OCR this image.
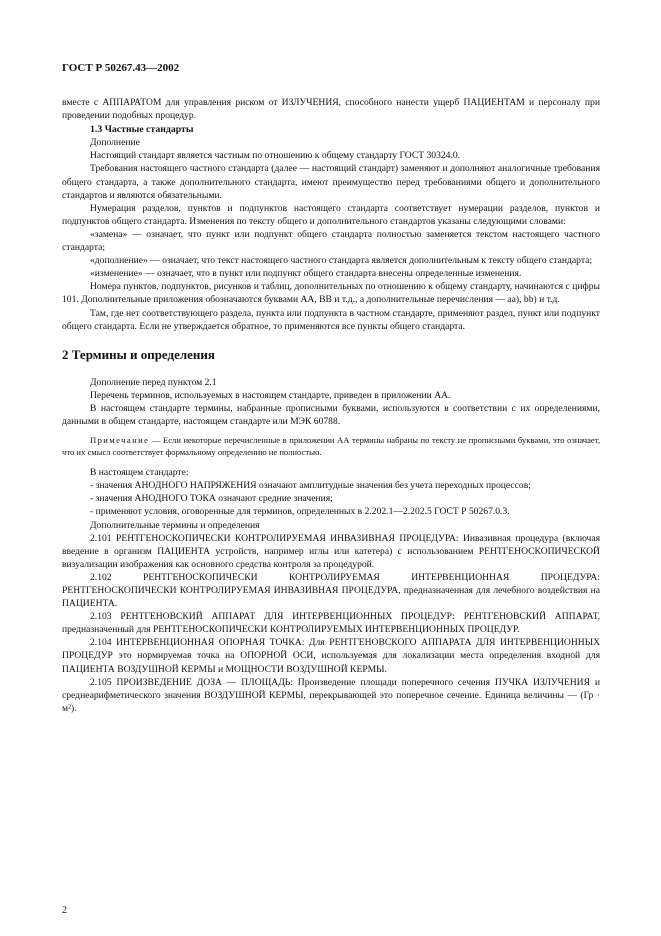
ГОСТ Р 50267.43—2002

вместе с АППАРАТОМ для управления риском от ИЗЛУЧЕНИЯ, способного нанести ущерб ПАЦИЕНТАМ и персоналу при проведении подобных процедур.

1.3 Частные стандарты

Дополнение

Настоящий стандарт является частным по отношению к общему стандарту ГОСТ 30324.0.

Требования настоящего частного стандарта (далее — настоящий стандарт) заменяют и дополняют аналогичные требования общего стандарта, а также дополнительного стандарта, имеют преимущество перед требованиями общего и дополнительного стандартов и являются обязательными.

Нумерация разделов, пунктов и подпунктов настоящего стандарта соответствует нумерации разделов, пунктов и подпунктов общего стандарта. Изменения по тексту общего и дополнительного стандартов указаны следующими словами:

«замена» — означает, что пункт или подпункт общего стандарта полностью заменяется текстом настоящего частного стандарта;

«дополнение» — означает, что текст настоящего частного стандарта является дополнительным к тексту общего стандарта;

«изменение» — означает, что в пункт или подпункт общего стандарта внесены определенные изменения.

Номера пунктов, подпунктов, рисунков и таблиц, дополнительных по отношению к общему стандарту, начинаются с цифры 101. Дополнительные приложения обозначаются буквами АА, ВВ и т.д., а дополнительные перечисления — аа), bb) и т.д.

Там, где нет соответствующего раздела, пункта или подпункта в частном стандарте, применяют раздел, пункт или подпункт общего стандарта. Если не утверждается обратное, то применяются все пункты общего стандарта.

2 Термины и определения

Дополнение перед пунктом 2.1

Перечень терминов, используемых в настоящем стандарте, приведен в приложении АА.

В настоящем стандарте термины, набранные прописными буквами, используются в соответствии с их определениями, данными в общем стандарте, настоящем стандарте или МЭК 60788.

Примечание — Если некоторые перечисленные в приложении АА термины набраны по тексту не прописными буквами, это означает, что их смысл соответствует формальному определению не полностью.

В настоящем стандарте:

- значения АНОДНОГО НАПРЯЖЕНИЯ означают амплитудные значения без учета переходных процессов;

- значения АНОДНОГО ТОКА означают средние значения;

- применяют условия, оговоренные для терминов, определенных в 2.202.1—2.202.5 ГОСТ Р 50267.0.3.

Дополнительные термины и определения

2.101 РЕНТГЕНОСКОПИЧЕСКИ КОНТРОЛИРУЕМАЯ ИНВАЗИВНАЯ ПРОЦЕДУРА: Инвазивная процедура (включая введение в организм ПАЦИЕНТА устройств, например иглы или катетера) с использованием РЕНТГЕНОСКОПИЧЕСКОЙ визуализации изображения как основного средства контроля за процедурой.

2.102 РЕНТГЕНОСКОПИЧЕСКИ КОНТРОЛИРУЕМАЯ ИНТЕРВЕНЦИОННАЯ ПРОЦЕДУРА: РЕНТГЕНОСКОПИЧЕСКИ КОНТРОЛИРУЕМАЯ ИНВАЗИВНАЯ ПРОЦЕДУРА, предназначенная для лечебного воздействия на ПАЦИЕНТА.

2.103 РЕНТГЕНОВСКИЙ АППАРАТ ДЛЯ ИНТЕРВЕНЦИОННЫХ ПРОЦЕДУР: РЕНТГЕНОВСКИЙ АППАРАТ, предназначенный для РЕНТГЕНОСКОПИЧЕСКИ КОНТРОЛИРУЕМЫХ ИНТЕРВЕНЦИОННЫХ ПРОЦЕДУР.

2.104 ИНТЕРВЕНЦИОННАЯ ОПОРНАЯ ТОЧКА: Для РЕНТГЕНОВСКОГО АППАРАТА ДЛЯ ИНТЕРВЕНЦИОННЫХ ПРОЦЕДУР это нормируемая точка на ОПОРНОЙ ОСИ, используемая для локализации места определения входной для ПАЦИЕНТА ВОЗДУШНОЙ КЕРМЫ и МОЩНОСТИ ВОЗДУШНОЙ КЕРМЫ.

2.105 ПРОИЗВЕДЕНИЕ ДОЗА — ПЛОЩАДЬ: Произведение площади поперечного сечения ПУЧКА ИЗЛУЧЕНИЯ и среднеарифметического значения ВОЗДУШНОЙ КЕРМЫ, перекрывающей это поперечное сечение. Единица величины — (Гр · м²).

2
